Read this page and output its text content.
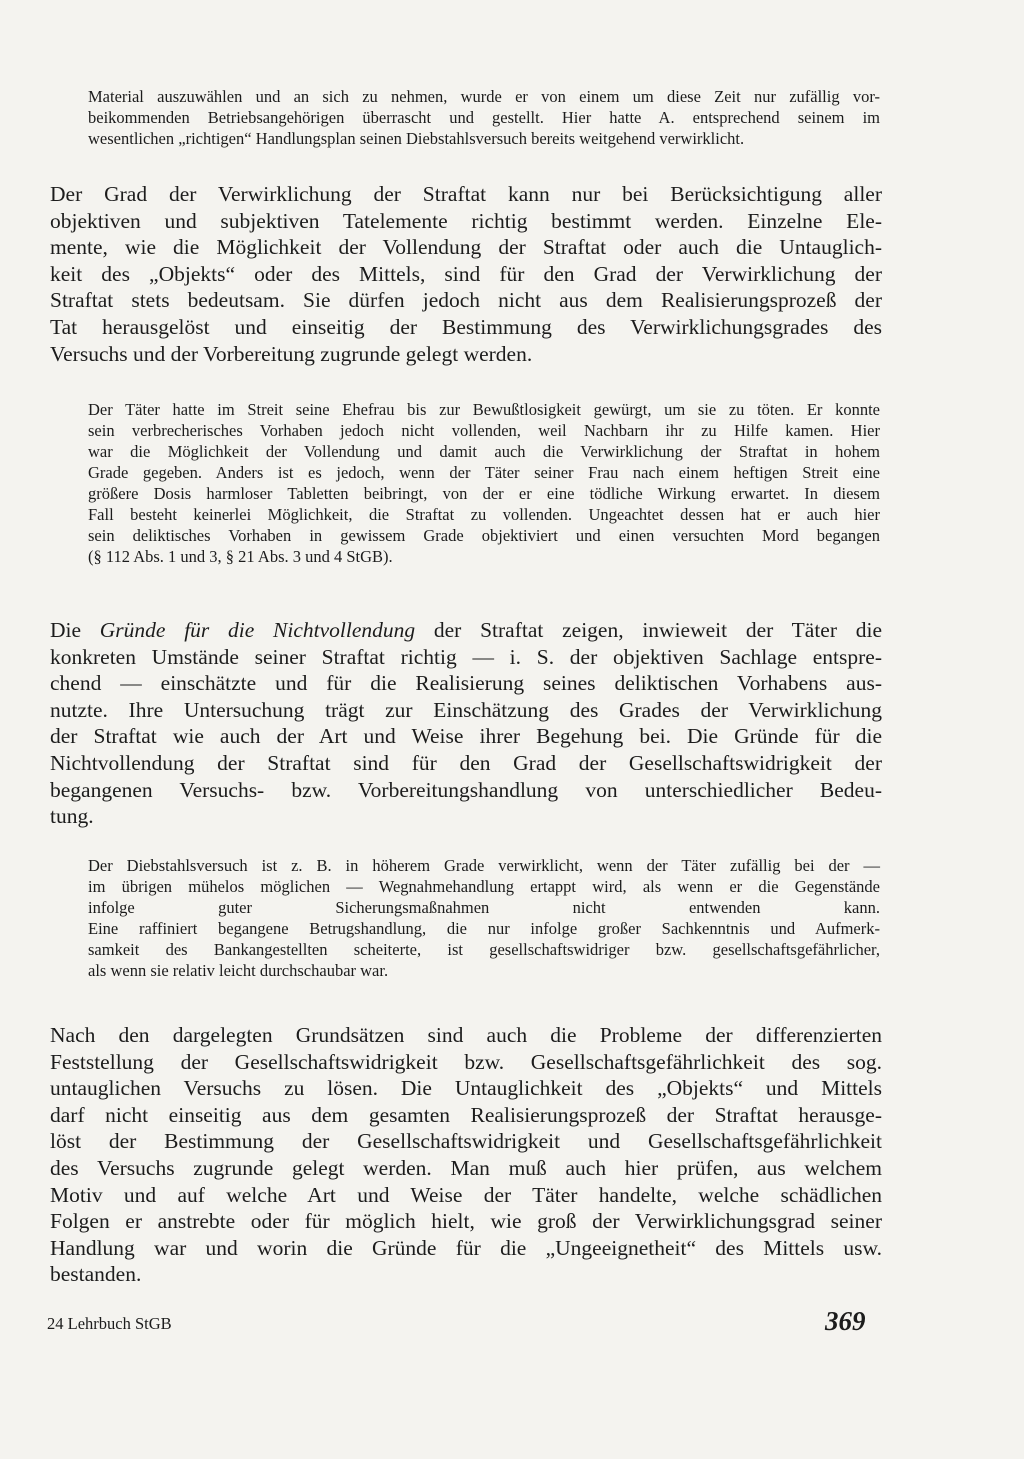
Material auszuwählen und an sich zu nehmen, wurde er von einem um diese Zeit nur zufällig vor-
beikommenden Betriebsangehörigen überrascht und gestellt. Hier hatte A. entsprechend seinem im
wesentlichen „richtigen“ Handlungsplan seinen Diebstahlsversuch bereits weitgehend verwirklicht.
Der Grad der Verwirklichung der Straftat kann nur bei Berücksichtigung aller
objektiven und subjektiven Tatelemente richtig bestimmt werden. Einzelne Ele-
mente, wie die Möglichkeit der Vollendung der Straftat oder auch die Untauglich-
keit des „Objekts“ oder des Mittels, sind für den Grad der Verwirklichung der
Straftat stets bedeutsam. Sie dürfen jedoch nicht aus dem Realisierungsprozeß der
Tat herausgelöst und einseitig der Bestimmung des Verwirklichungsgrades des
Versuchs und der Vorbereitung zugrunde gelegt werden.
Der Täter hatte im Streit seine Ehefrau bis zur Bewußtlosigkeit gewürgt, um sie zu töten. Er konnte
sein verbrecherisches Vorhaben jedoch nicht vollenden, weil Nachbarn ihr zu Hilfe kamen. Hier
war die Möglichkeit der Vollendung und damit auch die Verwirklichung der Straftat in hohem
Grade gegeben. Anders ist es jedoch, wenn der Täter seiner Frau nach einem heftigen Streit eine
größere Dosis harmloser Tabletten beibringt, von der er eine tödliche Wirkung erwartet. In diesem
Fall besteht keinerlei Möglichkeit, die Straftat zu vollenden. Ungeachtet dessen hat er auch hier
sein deliktisches Vorhaben in gewissem Grade objektiviert und einen versuchten Mord begangen
(§ 112 Abs. 1 und 3, § 21 Abs. 3 und 4 StGB).
Die Gründe für die Nichtvollendung der Straftat zeigen, inwieweit der Täter die
konkreten Umstände seiner Straftat richtig — i. S. der objektiven Sachlage entspre-
chend — einschätzte und für die Realisierung seines deliktischen Vorhabens aus-
nutzte. Ihre Untersuchung trägt zur Einschätzung des Grades der Verwirklichung
der Straftat wie auch der Art und Weise ihrer Begehung bei. Die Gründe für die
Nichtvollendung der Straftat sind für den Grad der Gesellschaftswidrigkeit der
begangenen Versuchs- bzw. Vorbereitungshandlung von unterschiedlicher Bedeu-
tung.
Der Diebstahlsversuch ist z. B. in höherem Grade verwirklicht, wenn der Täter zufällig bei der —
im übrigen mühelos möglichen — Wegnahmehandlung ertappt wird, als wenn er die Gegenstände
infolge guter Sicherungsmaßnahmen nicht entwenden kann.
Eine raffiniert begangene Betrugshandlung, die nur infolge großer Sachkenntnis und Aufmerk-
samkeit des Bankangestellten scheiterte, ist gesellschaftswidriger bzw. gesellschaftsgefährlicher,
als wenn sie relativ leicht durchschaubar war.
Nach den dargelegten Grundsätzen sind auch die Probleme der differenzierten
Feststellung der Gesellschaftswidrigkeit bzw. Gesellschaftsgefährlichkeit des sog.
untauglichen Versuchs zu lösen. Die Untauglichkeit des „Objekts“ und Mittels
darf nicht einseitig aus dem gesamten Realisierungsprozeß der Straftat herausge-
löst der Bestimmung der Gesellschaftswidrigkeit und Gesellschaftsgefährlichkeit
des Versuchs zugrunde gelegt werden. Man muß auch hier prüfen, aus welchem
Motiv und auf welche Art und Weise der Täter handelte, welche schädlichen
Folgen er anstrebte oder für möglich hielt, wie groß der Verwirklichungsgrad seiner
Handlung war und worin die Gründe für die „Ungeeignetheit“ des Mittels usw.
bestanden.
24 Lehrbuch StGB	369
